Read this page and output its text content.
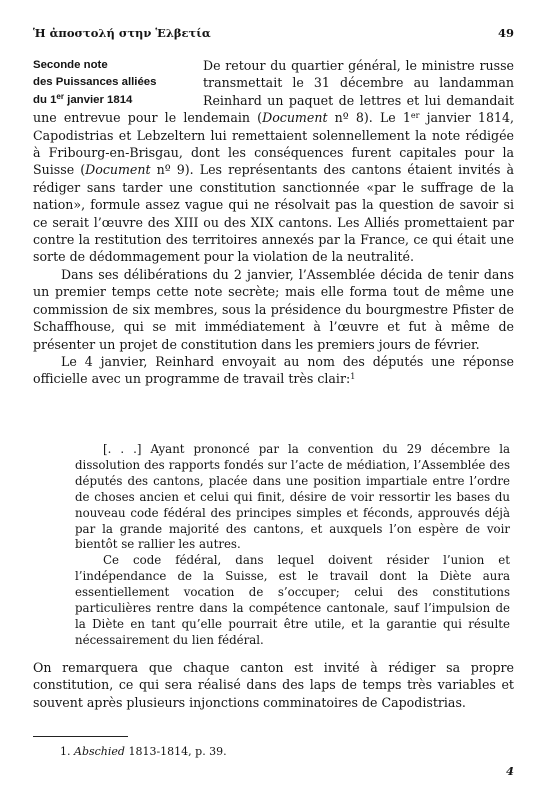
Ἡ ἀποστολή στην Ἑλβετία	49
Seconde note
des Puissances alliées
du 1er janvier 1814

De retour du quartier général, le ministre russe transmettait le 31 décembre au landamman Reinhard un paquet de lettres et lui demandait une entrevue pour le lendemain (Document nº 8). Le 1er janvier 1814, Capodistrias et Lebzeltern lui remettaient solennellement la note rédigée à Fribourg-en-Brisgau, dont les conséquences furent capitales pour la Suisse (Document nº 9). Les représentants des cantons étaient invités à rédiger sans tarder une constitution sanctionnée «par le suffrage de la nation», formule assez vague qui ne résolvait pas la question de savoir si ce serait l’œuvre des XIII ou des XIX cantons. Les Alliés promettaient par contre la restitution des territoires annexés par la France, ce qui était une sorte de dédommagement pour la violation de la neutralité.

Dans ses délibérations du 2 janvier, l’Assemblée décida de tenir dans un premier temps cette note secrète; mais elle forma tout de même une commission de six membres, sous la présidence du bourgmestre Pfister de Schaffhouse, qui se mit immédiatement à l’œuvre et fut à même de présenter un projet de constitution dans les premiers jours de février.

Le 4 janvier, Reinhard envoyait au nom des députés une réponse officielle avec un programme de travail très clair:$^1$

[. . .] Ayant prononcé par la convention du 29 décembre la dissolution des rapports fondés sur l’acte de médiation, l’Assemblée des députés des cantons, placée dans une position impartiale entre l’ordre de choses ancien et celui qui finit, désire de voir ressortir les bases du nouveau code fédéral des principes simples et féconds, approuvés déjà par la grande majorité des cantons, et auxquels l’on espère de voir bientôt se rallier les autres.

Ce code fédéral, dans lequel doivent résider l’union et l’indépendance de la Suisse, est le travail dont la Diète aura essentiellement vocation de s’occuper; celui des constitutions particulières rentre dans la compétence cantonale, sauf l’impulsion de la Diète en tant qu’elle pourrait être utile, et la garantie qui résulte nécessairement du lien fédéral.

On remarquera que chaque canton est invité à rédiger sa propre constitution, ce qui sera réalisé dans des laps de temps très variables et souvent après plusieurs injonctions comminatoires de Capodistrias.

1. Abschied 1813-1814, p. 39.
4
